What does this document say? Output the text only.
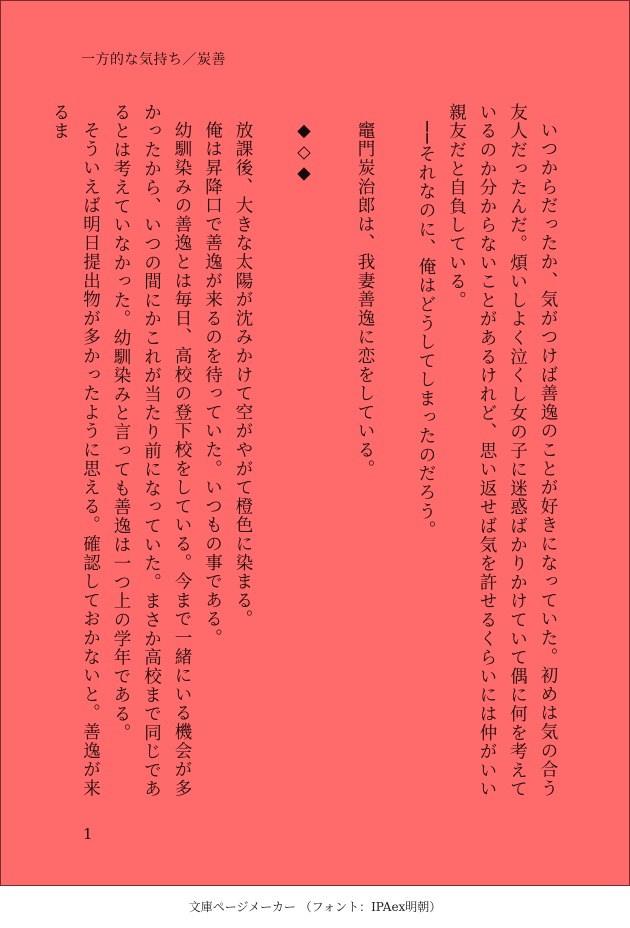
一方的な気持ち／炭善
いつからだったか、気がつけば善逸のことが好きになっていた。初めは気の合う友人だったんだ。煩いしよく泣くし女の子に迷惑ばかりかけていて偶に何を考えているのか分からないことがあるけれど、思い返せば気を許せるくらいには仲がいい親友だと自負している。
──それなのに、俺はどうしてしまったのだろう。

竈門炭治郎は、我妻善逸に恋をしている。

◆◇◆

放課後、大きな太陽が沈みかけて空がやがて橙色に染まる。
俺は昇降口で善逸が来るのを待っていた。いつもの事である。
幼馴染みの善逸とは毎日、高校の登下校をしている。今まで一緒にいる機会が多かったから、いつの間にかこれが当たり前になっていた。まさか高校まで同じであるとは考えていなかった。幼馴染みと言っても善逸は一つ上の学年である。
そういえば明日提出物が多かったように思える。確認しておかないと。善逸が来るま
1
文庫ページメーカー （フォント：IPAex明朝）
